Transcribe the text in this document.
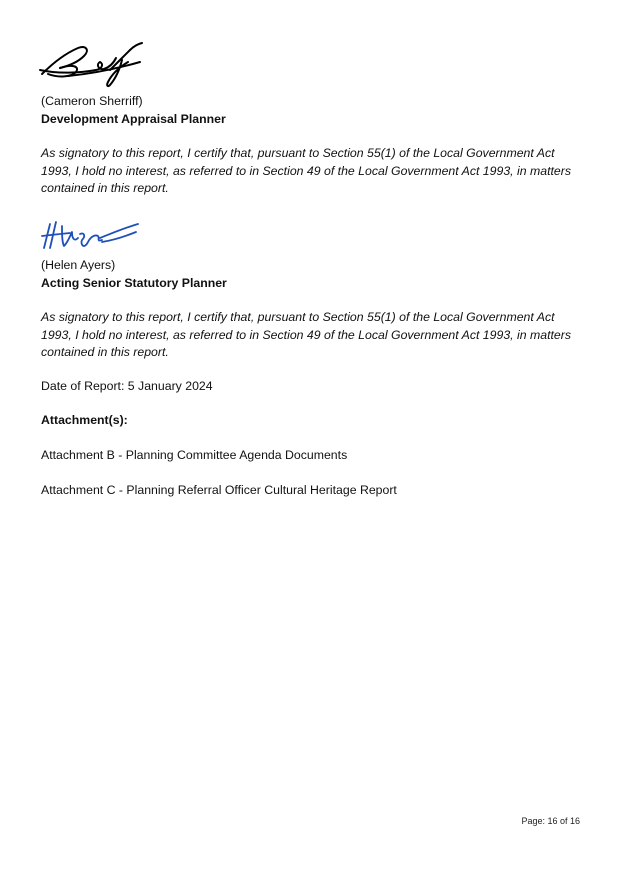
(Cameron Sherriff)
Development Appraisal Planner
As signatory to this report, I certify that, pursuant to Section 55(1) of the Local Government Act 1993, I hold no interest, as referred to in Section 49 of the Local Government Act 1993, in matters contained in this report.
(Helen Ayers)
Acting Senior Statutory Planner
As signatory to this report, I certify that, pursuant to Section 55(1) of the Local Government Act 1993, I hold no interest, as referred to in Section 49 of the Local Government Act 1993, in matters contained in this report.
Date of Report: 5 January 2024
Attachment(s):
Attachment B - Planning Committee Agenda Documents
Attachment C - Planning Referral Officer Cultural Heritage Report
Page: 16 of 16
